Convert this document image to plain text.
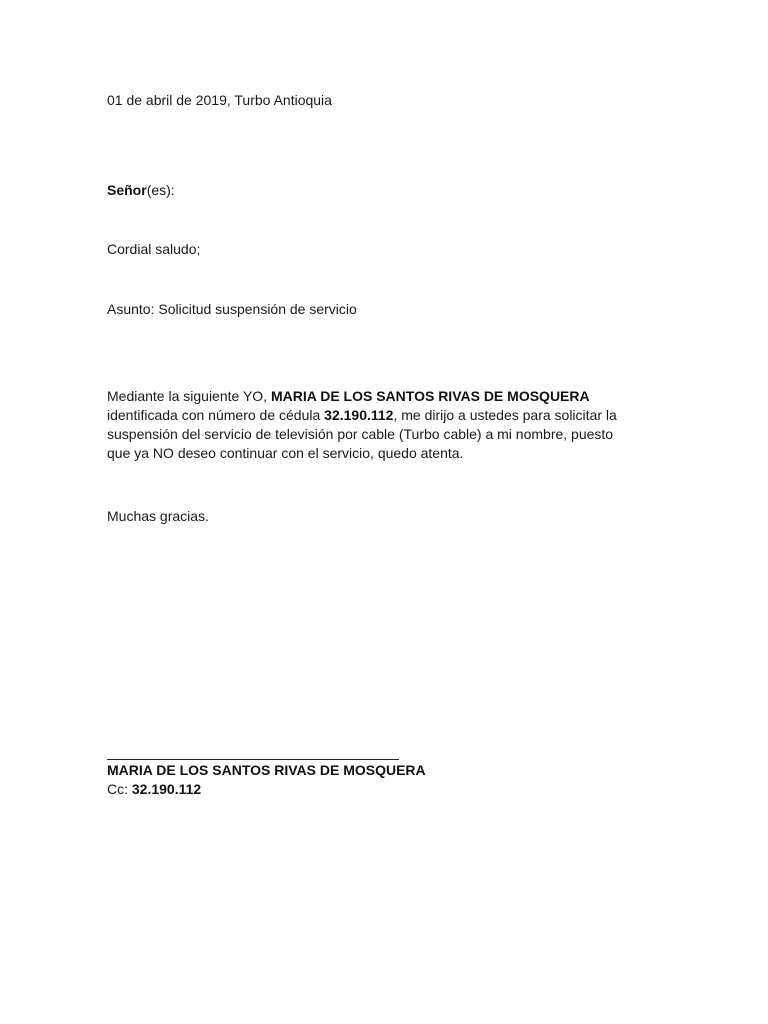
01 de abril de 2019, Turbo Antioquia
Señor(es):
Cordial saludo;
Asunto: Solicitud suspensión de servicio
Mediante la siguiente YO, MARIA DE LOS SANTOS RIVAS DE MOSQUERA
identificada con número de cédula 32.190.112, me dirijo a ustedes para solicitar la
suspensión del servicio de televisión por cable (Turbo cable) a mi nombre, puesto
que ya NO deseo continuar con el servicio, quedo atenta.
Muchas gracias.
MARIA DE LOS SANTOS RIVAS DE MOSQUERA
Cc: 32.190.112
